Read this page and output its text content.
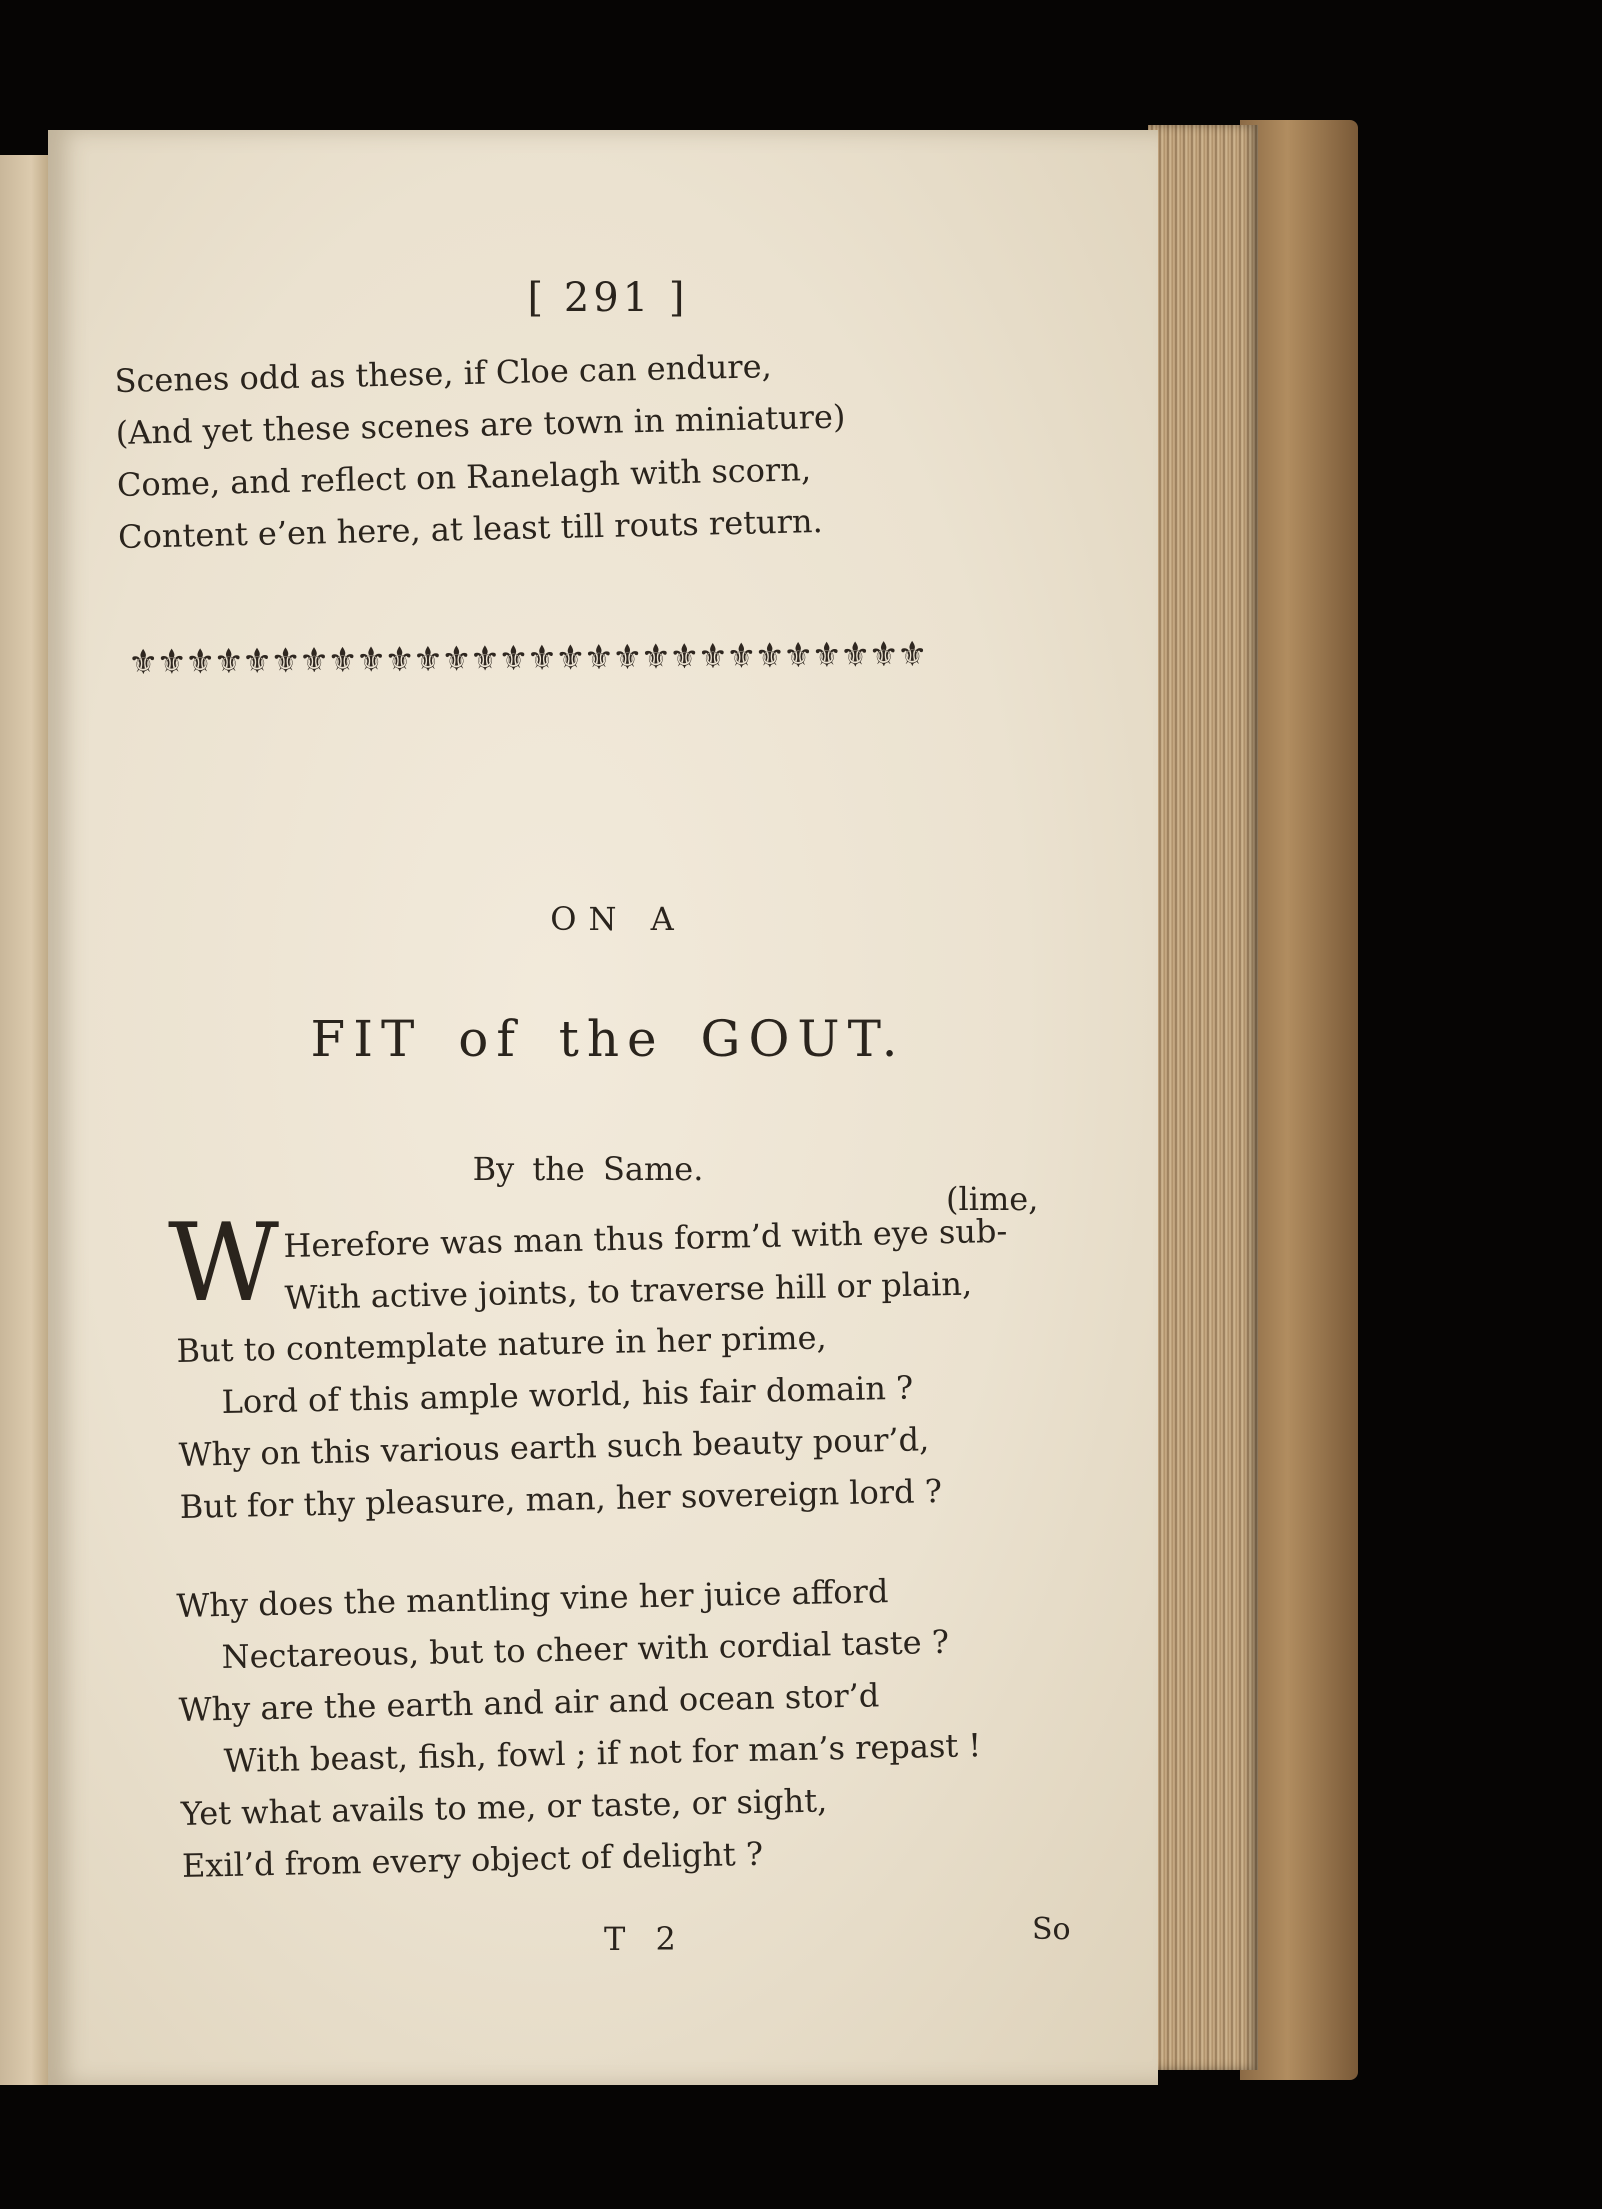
[ 291 ]
Scenes odd as these, if Cloe can endure,
(And yet these scenes are town in miniature)
Come, and reflect on Ranelagh with scorn,
Content e’en here, at least till routs return.
⚜⚜⚜⚜⚜⚜⚜⚜⚜⚜⚜⚜⚜⚜⚜⚜⚜⚜⚜⚜⚜⚜⚜⚜⚜⚜⚜⚜
ON A
FIT of the GOUT.
By the Same.
(lime,
W Herefore was man thus form’d with eye sub-
With active joints, to traverse hill or plain,
But to contemplate nature in her prime,
Lord of this ample world, his fair domain ?
Why on this various earth such beauty pour’d,
But for thy pleasure, man, her sovereign lord ?
Why does the mantling vine her juice afford
Nectareous, but to cheer with cordial taste ?
Why are the earth and air and ocean stor’d
With beast, fish, fowl ; if not for man’s repast !
Yet what avails to me, or taste, or sight,
Exil’d from every object of delight ?
T 2	So
